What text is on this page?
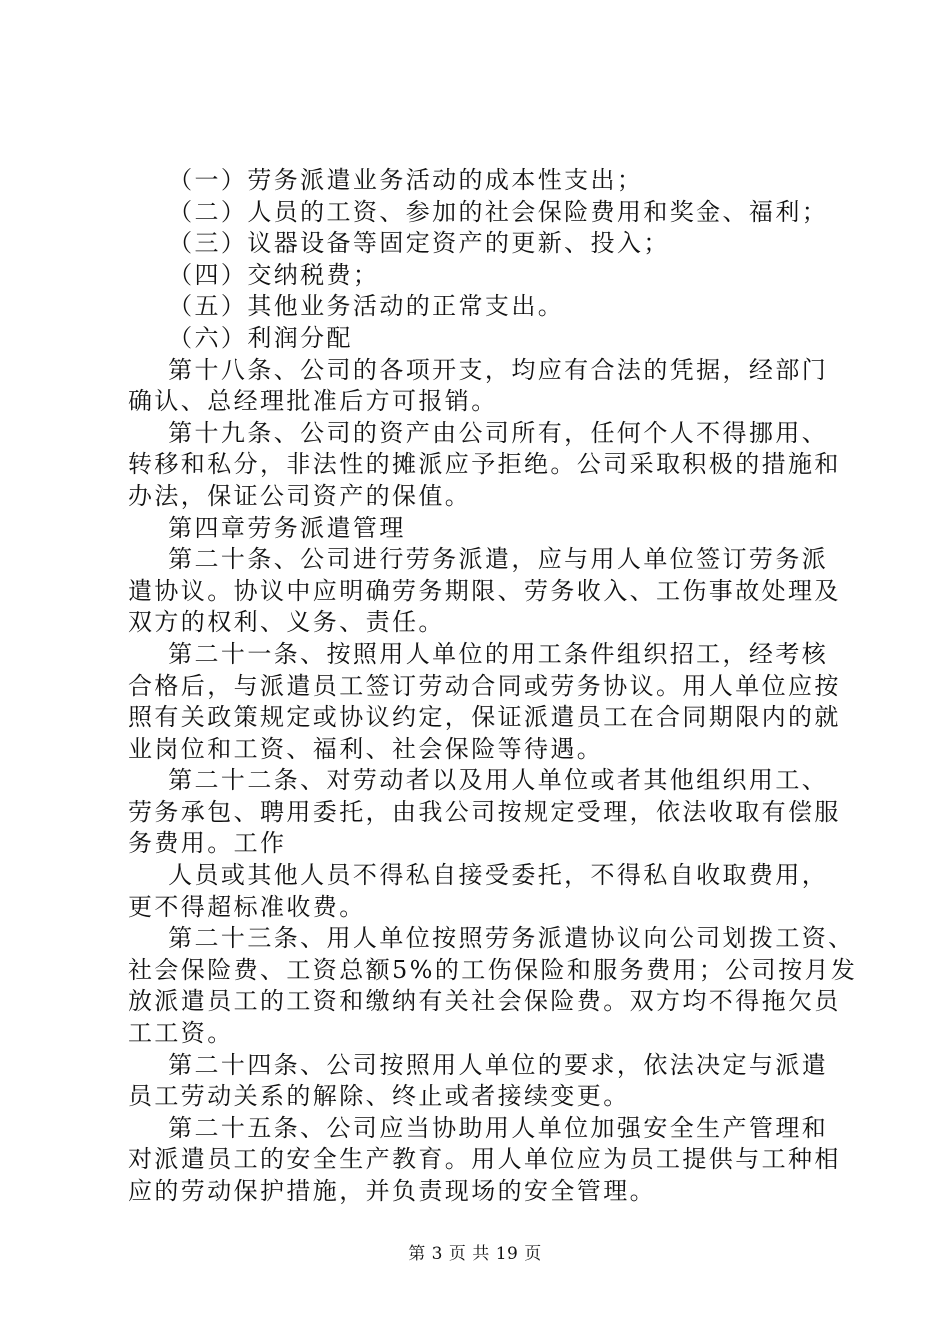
（一）劳务派遣业务活动的成本性支出；
（二）人员的工资、参加的社会保险费用和奖金、福利；
（三）议器设备等固定资产的更新、投入；
（四）交纳税费；
（五）其他业务活动的正常支出。
（六）利润分配
第十八条、公司的各项开支，均应有合法的凭据，经部门
确认、总经理批准后方可报销。
第十九条、公司的资产由公司所有，任何个人不得挪用、
转移和私分，非法性的摊派应予拒绝。公司采取积极的措施和
办法，保证公司资产的保值。
第四章劳务派遣管理
第二十条、公司进行劳务派遣，应与用人单位签订劳务派
遣协议。协议中应明确劳务期限、劳务收入、工伤事故处理及
双方的权利、义务、责任。
第二十一条、按照用人单位的用工条件组织招工，经考核
合格后，与派遣员工签订劳动合同或劳务协议。用人单位应按
照有关政策规定或协议约定，保证派遣员工在合同期限内的就
业岗位和工资、福利、社会保险等待遇。
第二十二条、对劳动者以及用人单位或者其他组织用工、
劳务承包、聘用委托，由我公司按规定受理，依法收取有偿服
务费用。工作
人员或其他人员不得私自接受委托，不得私自收取费用，
更不得超标准收费。
第二十三条、用人单位按照劳务派遣协议向公司划拨工资、
社会保险费、工资总额5%的工伤保险和服务费用；公司按月发
放派遣员工的工资和缴纳有关社会保险费。双方均不得拖欠员
工工资。
第二十四条、公司按照用人单位的要求，依法决定与派遣
员工劳动关系的解除、终止或者接续变更。
第二十五条、公司应当协助用人单位加强安全生产管理和
对派遣员工的安全生产教育。用人单位应为员工提供与工种相
应的劳动保护措施，并负责现场的安全管理。
第 3 页 共 19 页
